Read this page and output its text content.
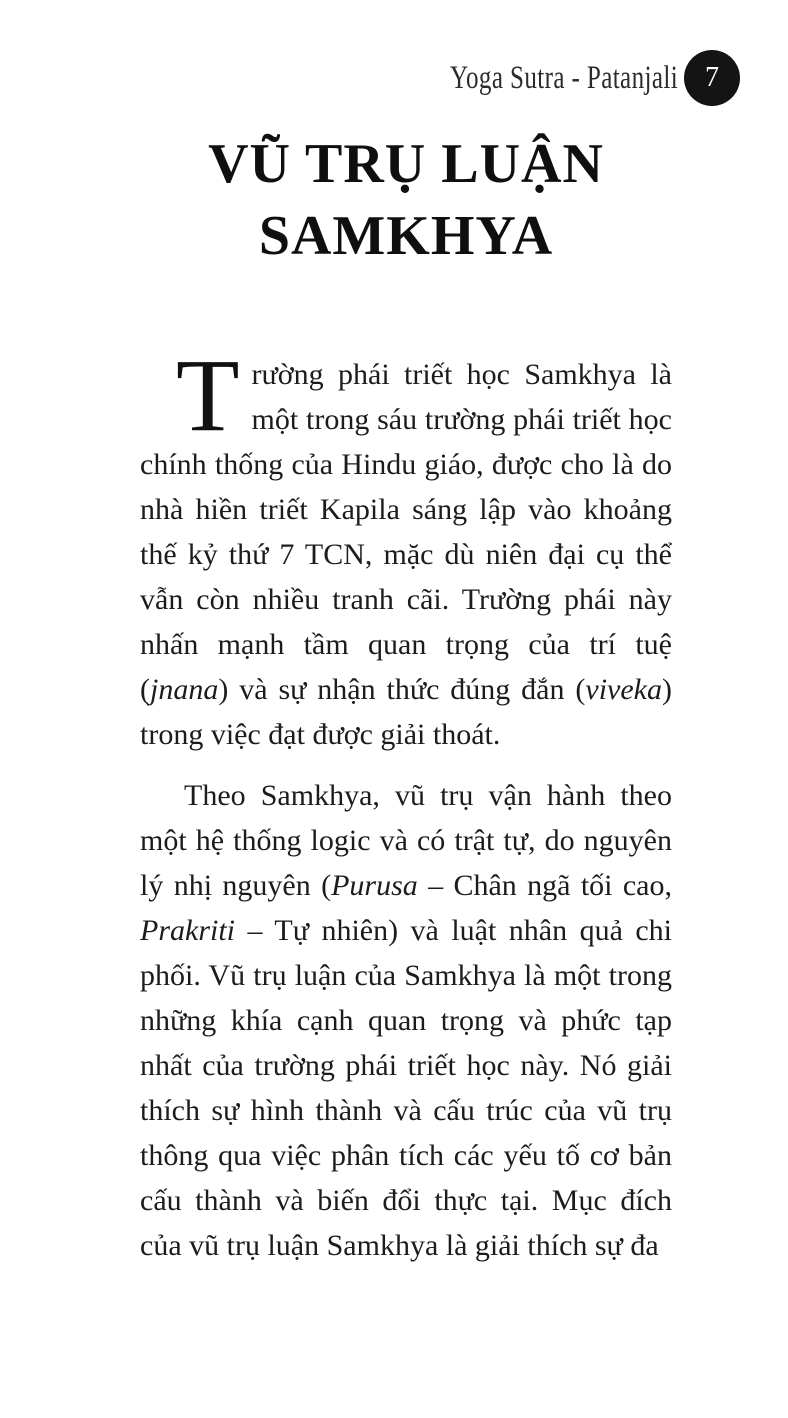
Yoga Sutra - Patanjali 7
VŨ TRỤ LUẬN
SAMKHYA

Trường phái triết học Samkhya là một trong sáu trường phái triết học chính thống của Hindu giáo, được cho là do nhà hiền triết Kapila sáng lập vào khoảng thế kỷ thứ 7 TCN, mặc dù niên đại cụ thể vẫn còn nhiều tranh cãi. Trường phái này nhấn mạnh tầm quan trọng của trí tuệ (jnana) và sự nhận thức đúng đắn (viveka) trong việc đạt được giải thoát.

Theo Samkhya, vũ trụ vận hành theo một hệ thống logic và có trật tự, do nguyên lý nhị nguyên (Purusa – Chân ngã tối cao, Prakriti – Tự nhiên) và luật nhân quả chi phối. Vũ trụ luận của Samkhya là một trong những khía cạnh quan trọng và phức tạp nhất của trường phái triết học này. Nó giải thích sự hình thành và cấu trúc của vũ trụ thông qua việc phân tích các yếu tố cơ bản cấu thành và biến đổi thực tại. Mục đích của vũ trụ luận Samkhya là giải thích sự đa
